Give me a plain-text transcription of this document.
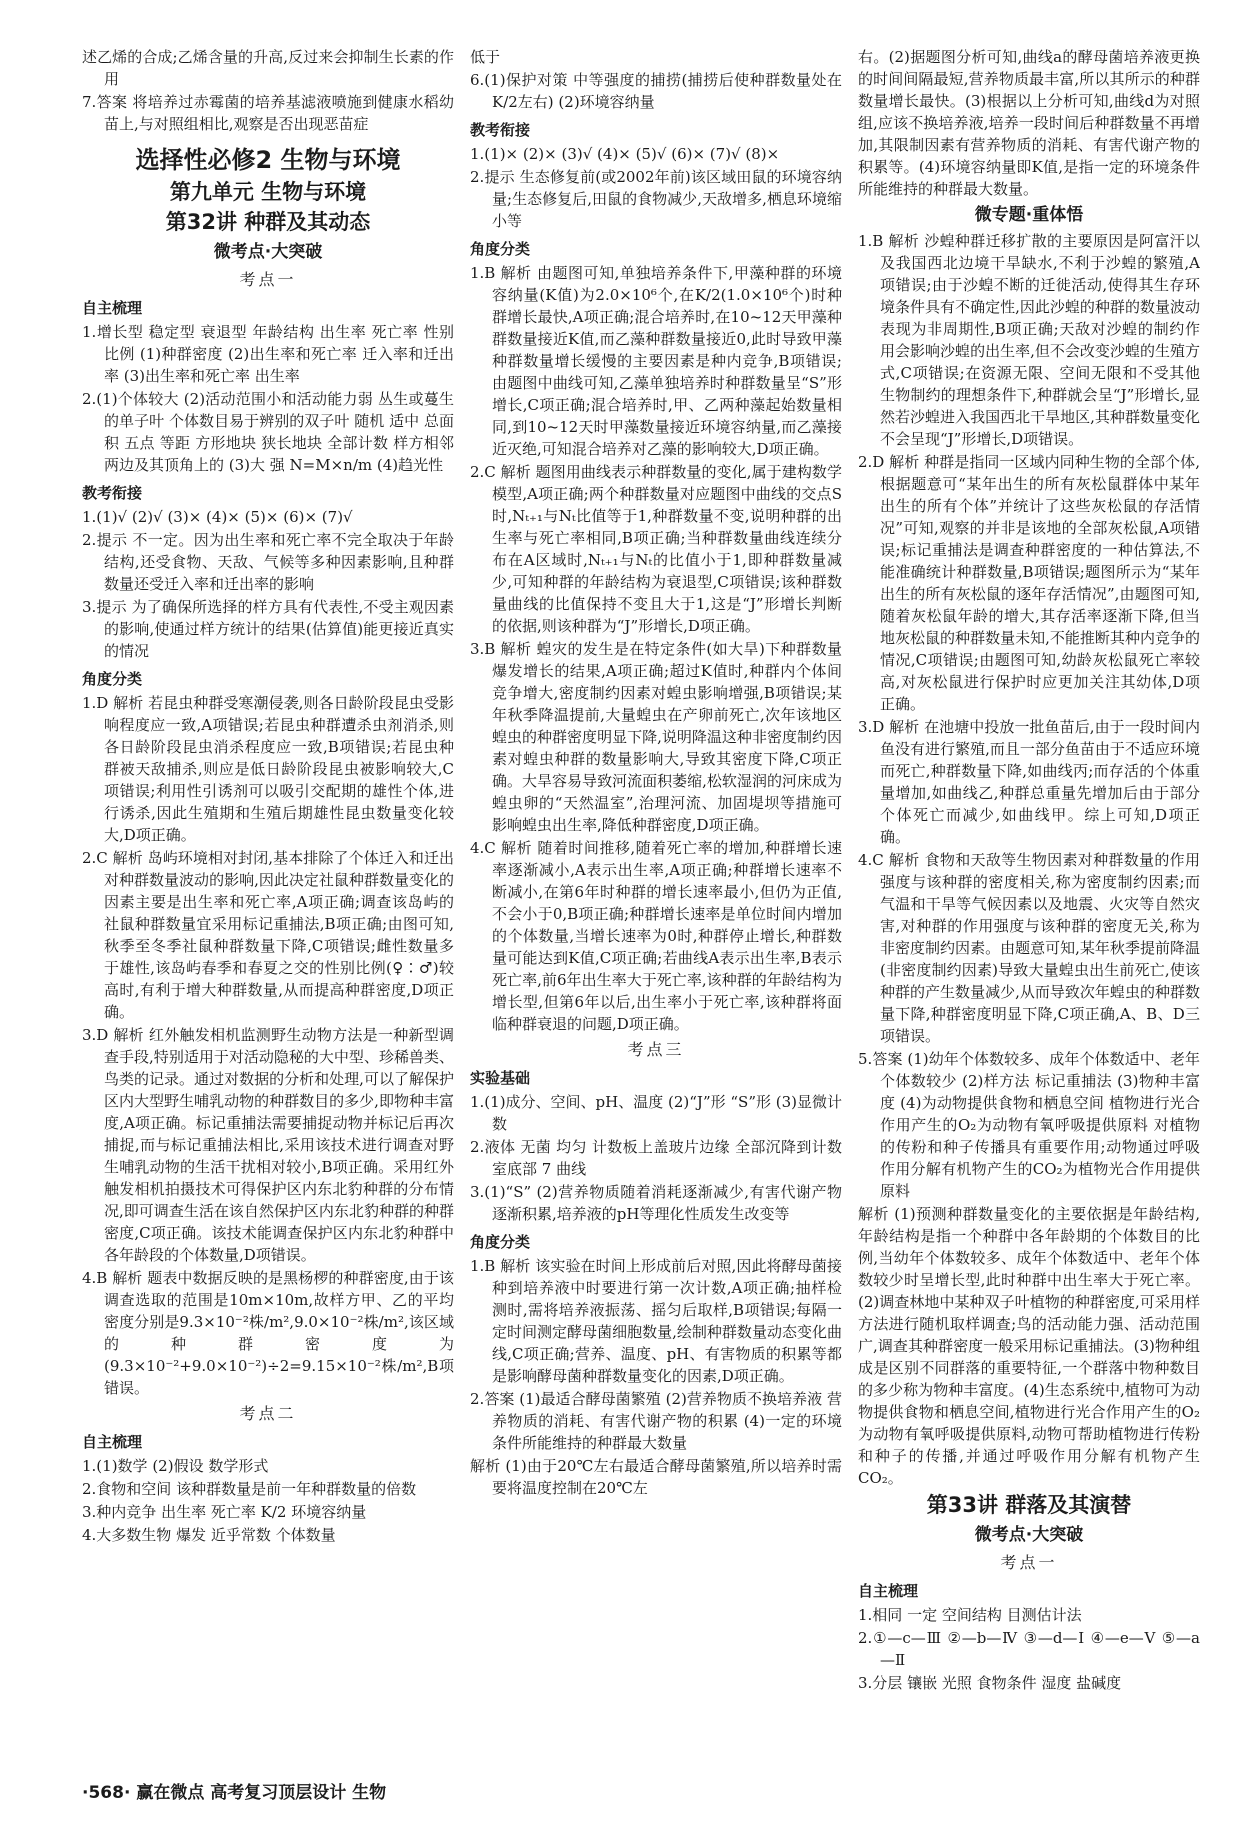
述乙烯的合成;乙烯含量的升高,反过来会抑制生长素的作用
7.答案 将培养过赤霉菌的培养基滤液喷施到健康水稻幼苗上,与对照组相比,观察是否出现恶苗症
选择性必修2 生物与环境
第九单元 生物与环境
第32讲 种群及其动态
微考点·大突破
考点一
自主梳理
1.增长型 稳定型 衰退型 年龄结构 出生率 死亡率 性别比例 (1)种群密度 (2)出生率和死亡率 迁入率和迁出率 (3)出生率和死亡率 出生率
2.(1)个体较大 (2)活动范围小和活动能力弱 丛生或蔓生的单子叶 个体数目易于辨别的双子叶 随机 适中 总面积 五点 等距 方形地块 狭长地块 全部计数 样方相邻两边及其顶角上的 (3)大 强 N=M×n/m (4)趋光性
教考衔接
1.(1)√ (2)√ (3)× (4)× (5)× (6)× (7)√
2.提示 不一定。因为出生率和死亡率不完全取决于年龄结构,还受食物、天敌、气候等多种因素影响,且种群数量还受迁入率和迁出率的影响
3.提示 为了确保所选择的样方具有代表性,不受主观因素的影响,使通过样方统计的结果(估算值)能更接近真实的情况
角度分类
1.D 解析 若昆虫种群受寒潮侵袭,则各日龄阶段昆虫受影响程度应一致,A项错误;若昆虫种群遭杀虫剂消杀,则各日龄阶段昆虫消杀程度应一致,B项错误;若昆虫种群被天敌捕杀,则应是低日龄阶段昆虫被影响较大,C项错误;利用性引诱剂可以吸引交配期的雄性个体,进行诱杀,因此生殖期和生殖后期雄性昆虫数量变化较大,D项正确。
2.C 解析 岛屿环境相对封闭,基本排除了个体迁入和迁出对种群数量波动的影响,因此决定社鼠种群数量变化的因素主要是出生率和死亡率,A项正确;调查该岛屿的社鼠种群数量宜采用标记重捕法,B项正确;由图可知,秋季至冬季社鼠种群数量下降,C项错误;雌性数量多于雄性,该岛屿春季和春夏之交的性别比例(♀∶♂)较高时,有利于增大种群数量,从而提高种群密度,D项正确。
3.D 解析 红外触发相机监测野生动物方法是一种新型调查手段,特别适用于对活动隐秘的大中型、珍稀兽类、鸟类的记录。通过对数据的分析和处理,可以了解保护区内大型野生哺乳动物的种群数目的多少,即物种丰富度,A项正确。标记重捕法需要捕捉动物并标记后再次捕捉,而与标记重捕法相比,采用该技术进行调查对野生哺乳动物的生活干扰相对较小,B项正确。采用红外触发相机拍摄技术可得保护区内东北豹种群的分布情况,即可调查生活在该自然保护区内东北豹种群的种群密度,C项正确。该技术能调查保护区内东北豹种群中各年龄段的个体数量,D项错误。
4.B 解析 题表中数据反映的是黑杨椤的种群密度,由于该调查选取的范围是10m×10m,故样方甲、乙的平均密度分别是9.3×10⁻²株/m²,9.0×10⁻²株/m²,该区域的种群密度为(9.3×10⁻²+9.0×10⁻²)÷2=9.15×10⁻²株/m²,B项错误。
考点二
自主梳理
1.(1)数学 (2)假设 数学形式
2.食物和空间 该种群数量是前一年种群数量的倍数
3.种内竞争 出生率 死亡率 K/2 环境容纳量
4.大多数生物 爆发 近乎常数 个体数量
低于
6.(1)保护对策 中等强度的捕捞(捕捞后使种群数量处在K/2左右) (2)环境容纳量
教考衔接
1.(1)× (2)× (3)√ (4)× (5)√ (6)× (7)√ (8)×
2.提示 生态修复前(或2002年前)该区域田鼠的环境容纳量;生态修复后,田鼠的食物减少,天敌增多,栖息环境缩小等
角度分类
1.B 解析 由题图可知,单独培养条件下,甲藻种群的环境容纳量(K值)为2.0×10⁶个,在K/2(1.0×10⁶个)时种群增长最快,A项正确;混合培养时,在10~12天甲藻种群数量接近K值,而乙藻种群数量接近0,此时导致甲藻种群数量增长缓慢的主要因素是种内竞争,B项错误;由题图中曲线可知,乙藻单独培养时种群数量呈“S”形增长,C项正确;混合培养时,甲、乙两种藻起始数量相同,到10~12天时甲藻数量接近环境容纳量,而乙藻接近灭绝,可知混合培养对乙藻的影响较大,D项正确。
2.C 解析 题图用曲线表示种群数量的变化,属于建构数学模型,A项正确;两个种群数量对应题图中曲线的交点S时,Nₜ₊₁与Nₜ比值等于1,种群数量不变,说明种群的出生率与死亡率相同,B项正确;当种群数量曲线连续分布在A区域时,Nₜ₊₁与Nₜ的比值小于1,即种群数量减少,可知种群的年龄结构为衰退型,C项错误;该种群数量曲线的比值保持不变且大于1,这是“J”形增长判断的依据,则该种群为“J”形增长,D项正确。
3.B 解析 蝗灾的发生是在特定条件(如大旱)下种群数量爆发增长的结果,A项正确;超过K值时,种群内个体间竞争增大,密度制约因素对蝗虫影响增强,B项错误;某年秋季降温提前,大量蝗虫在产卵前死亡,次年该地区蝗虫的种群密度明显下降,说明降温这种非密度制约因素对蝗虫种群的数量影响大,导致其密度下降,C项正确。大旱容易导致河流面积萎缩,松软湿润的河床成为蝗虫卵的“天然温室”,治理河流、加固堤坝等措施可影响蝗虫出生率,降低种群密度,D项正确。
4.C 解析 随着时间推移,随着死亡率的增加,种群增长速率逐渐减小,A表示出生率,A项正确;种群增长速率不断减小,在第6年时种群的增长速率最小,但仍为正值,不会小于0,B项正确;种群增长速率是单位时间内增加的个体数量,当增长速率为0时,种群停止增长,种群数量可能达到K值,C项正确;若曲线A表示出生率,B表示死亡率,前6年出生率大于死亡率,该种群的年龄结构为增长型,但第6年以后,出生率小于死亡率,该种群将面临种群衰退的问题,D项正确。
考点三
实验基础
1.(1)成分、空间、pH、温度 (2)“J”形 “S”形 (3)显微计数
2.液体 无菌 均匀 计数板上盖玻片边缘 全部沉降到计数室底部 7 曲线
3.(1)“S” (2)营养物质随着消耗逐渐减少,有害代谢产物逐渐积累,培养液的pH等理化性质发生改变等
角度分类
1.B 解析 该实验在时间上形成前后对照,因此将酵母菌接种到培养液中时要进行第一次计数,A项正确;抽样检测时,需将培养液振荡、摇匀后取样,B项错误;每隔一定时间测定酵母菌细胞数量,绘制种群数量动态变化曲线,C项正确;营养、温度、pH、有害物质的积累等都是影响酵母菌种群数量变化的因素,D项正确。
2.答案 (1)最适合酵母菌繁殖 (2)营养物质不换培养液 营养物质的消耗、有害代谢产物的积累 (4)一定的环境条件所能维持的种群最大数量
解析 (1)由于20℃左右最适合酵母菌繁殖,所以培养时需要将温度控制在20℃左
右。(2)据题图分析可知,曲线a的酵母菌培养液更换的时间间隔最短,营养物质最丰富,所以其所示的种群数量增长最快。(3)根据以上分析可知,曲线d为对照组,应该不换培养液,培养一段时间后种群数量不再增加,其限制因素有营养物质的消耗、有害代谢产物的积累等。(4)环境容纳量即K值,是指一定的环境条件所能维持的种群最大数量。
微专题·重体悟
1.B 解析 沙蝗种群迁移扩散的主要原因是阿富汗以及我国西北边境干旱缺水,不利于沙蝗的繁殖,A项错误;由于沙蝗不断的迁徙活动,使得其生存环境条件具有不确定性,因此沙蝗的种群的数量波动表现为非周期性,B项正确;天敌对沙蝗的制约作用会影响沙蝗的出生率,但不会改变沙蝗的生殖方式,C项错误;在资源无限、空间无限和不受其他生物制约的理想条件下,种群就会呈“J”形增长,显然若沙蝗进入我国西北干旱地区,其种群数量变化不会呈现“J”形增长,D项错误。
2.D 解析 种群是指同一区域内同种生物的全部个体,根据题意可“某年出生的所有灰松鼠群体中某年出生的所有个体”并统计了这些灰松鼠的存活情况”可知,观察的并非是该地的全部灰松鼠,A项错误;标记重捕法是调查种群密度的一种估算法,不能准确统计种群数量,B项错误;题图所示为“某年出生的所有灰松鼠的逐年存活情况”,由题图可知,随着灰松鼠年龄的增大,其存活率逐渐下降,但当地灰松鼠的种群数量未知,不能推断其种内竞争的情况,C项错误;由题图可知,幼龄灰松鼠死亡率较高,对灰松鼠进行保护时应更加关注其幼体,D项正确。
3.D 解析 在池塘中投放一批鱼苗后,由于一段时间内鱼没有进行繁殖,而且一部分鱼苗由于不适应环境而死亡,种群数量下降,如曲线丙;而存活的个体重量增加,如曲线乙,种群总重量先增加后由于部分个体死亡而减少,如曲线甲。综上可知,D项正确。
4.C 解析 食物和天敌等生物因素对种群数量的作用强度与该种群的密度相关,称为密度制约因素;而气温和干旱等气候因素以及地震、火灾等自然灾害,对种群的作用强度与该种群的密度无关,称为非密度制约因素。由题意可知,某年秋季提前降温(非密度制约因素)导致大量蝗虫出生前死亡,使该种群的产生数量减少,从而导致次年蝗虫的种群数量下降,种群密度明显下降,C项正确,A、B、D三项错误。
5.答案 (1)幼年个体数较多、成年个体数适中、老年个体数较少 (2)样方法 标记重捕法 (3)物种丰富度 (4)为动物提供食物和栖息空间 植物进行光合作用产生的O₂为动物有氧呼吸提供原料 对植物的传粉和种子传播具有重要作用;动物通过呼吸作用分解有机物产生的CO₂为植物光合作用提供原料
解析 (1)预测种群数量变化的主要依据是年龄结构,年龄结构是指一个种群中各年龄期的个体数目的比例,当幼年个体数较多、成年个体数适中、老年个体数较少时呈增长型,此时种群中出生率大于死亡率。(2)调查林地中某种双子叶植物的种群密度,可采用样方法进行随机取样调查;鸟的活动能力强、活动范围广,调查其种群密度一般采用标记重捕法。(3)物种组成是区别不同群落的重要特征,一个群落中物种数目的多少称为物种丰富度。(4)生态系统中,植物可为动物提供食物和栖息空间,植物进行光合作用产生的O₂为动物有氧呼吸提供原料,动物可帮助植物进行传粉和种子的传播,并通过呼吸作用分解有机物产生CO₂。
第33讲 群落及其演替
微考点·大突破
考点一
自主梳理
1.相同 一定 空间结构 目测估计法
2.①—c—Ⅲ ②—b—Ⅳ ③—d—Ⅰ ④—e—Ⅴ ⑤—a—Ⅱ
3.分层 镶嵌 光照 食物条件 湿度 盐碱度
·568· 赢在微点 高考复习顶层设计 生物
